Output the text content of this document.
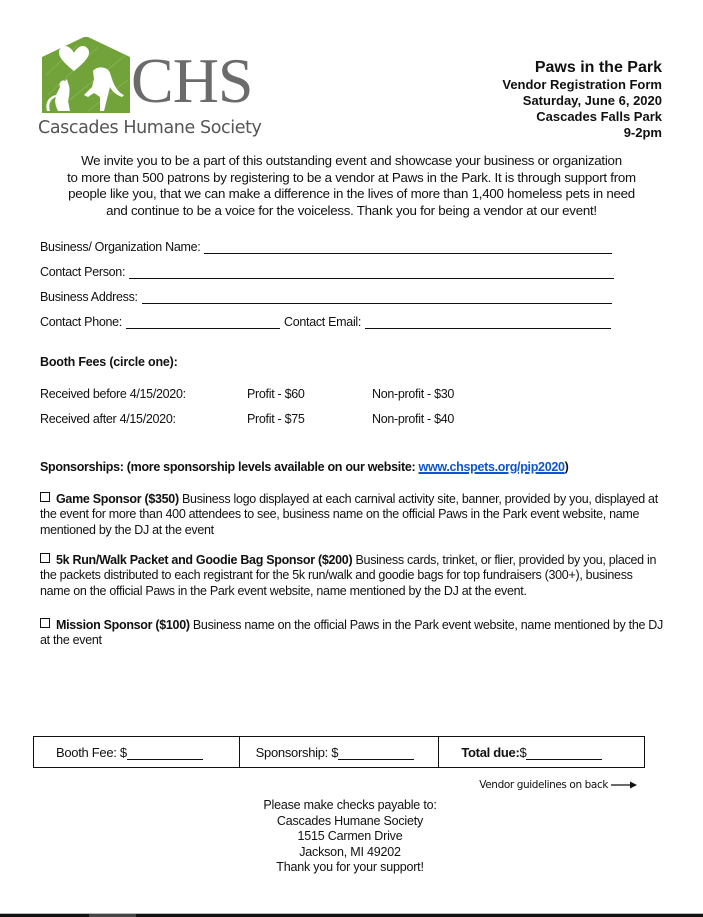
CHS
Cascades Humane Society
Paws in the Park
Vendor Registration Form
Saturday, June 6, 2020
Cascades Falls Park
9-2pm
We invite you to be a part of this outstanding event and showcase your business or organization
to more than 500 patrons by registering to be a vendor at Paws in the Park. It is through support from
people like you, that we can make a difference in the lives of more than 1,400 homeless pets in need
and continue to be a voice for the voiceless. Thank you for being a vendor at our event!
Business/ Organization Name:
Contact Person:
Business Address:
Contact Phone:	Contact Email:
Booth Fees (circle one):
Received before 4/15/2020:	Profit - $60	Non-profit - $30
Received after 4/15/2020:	Profit - $75	Non-profit - $40
Sponsorships: (more sponsorship levels available on our website: www.chspets.org/pip2020)
Game Sponsor ($350) Business logo displayed at each carnival activity site, banner, provided by you, displayed at the event for more than 400 attendees to see, business name on the official Paws in the Park event website, name mentioned by the DJ at the event
5k Run/Walk Packet and Goodie Bag Sponsor ($200) Business cards, trinket, or flier, provided by you, placed in the packets distributed to each registrant for the 5k run/walk and goodie bags for top fundraisers (300+), business name on the official Paws in the Park event website, name mentioned by the DJ at the event.
Mission Sponsor ($100) Business name on the official Paws in the Park event website, name mentioned by the DJ at the event
Booth Fee: $	Sponsorship: $	Total due: $
Vendor guidelines on back
Please make checks payable to:
Cascades Humane Society
1515 Carmen Drive
Jackson, MI 49202
Thank you for your support!
